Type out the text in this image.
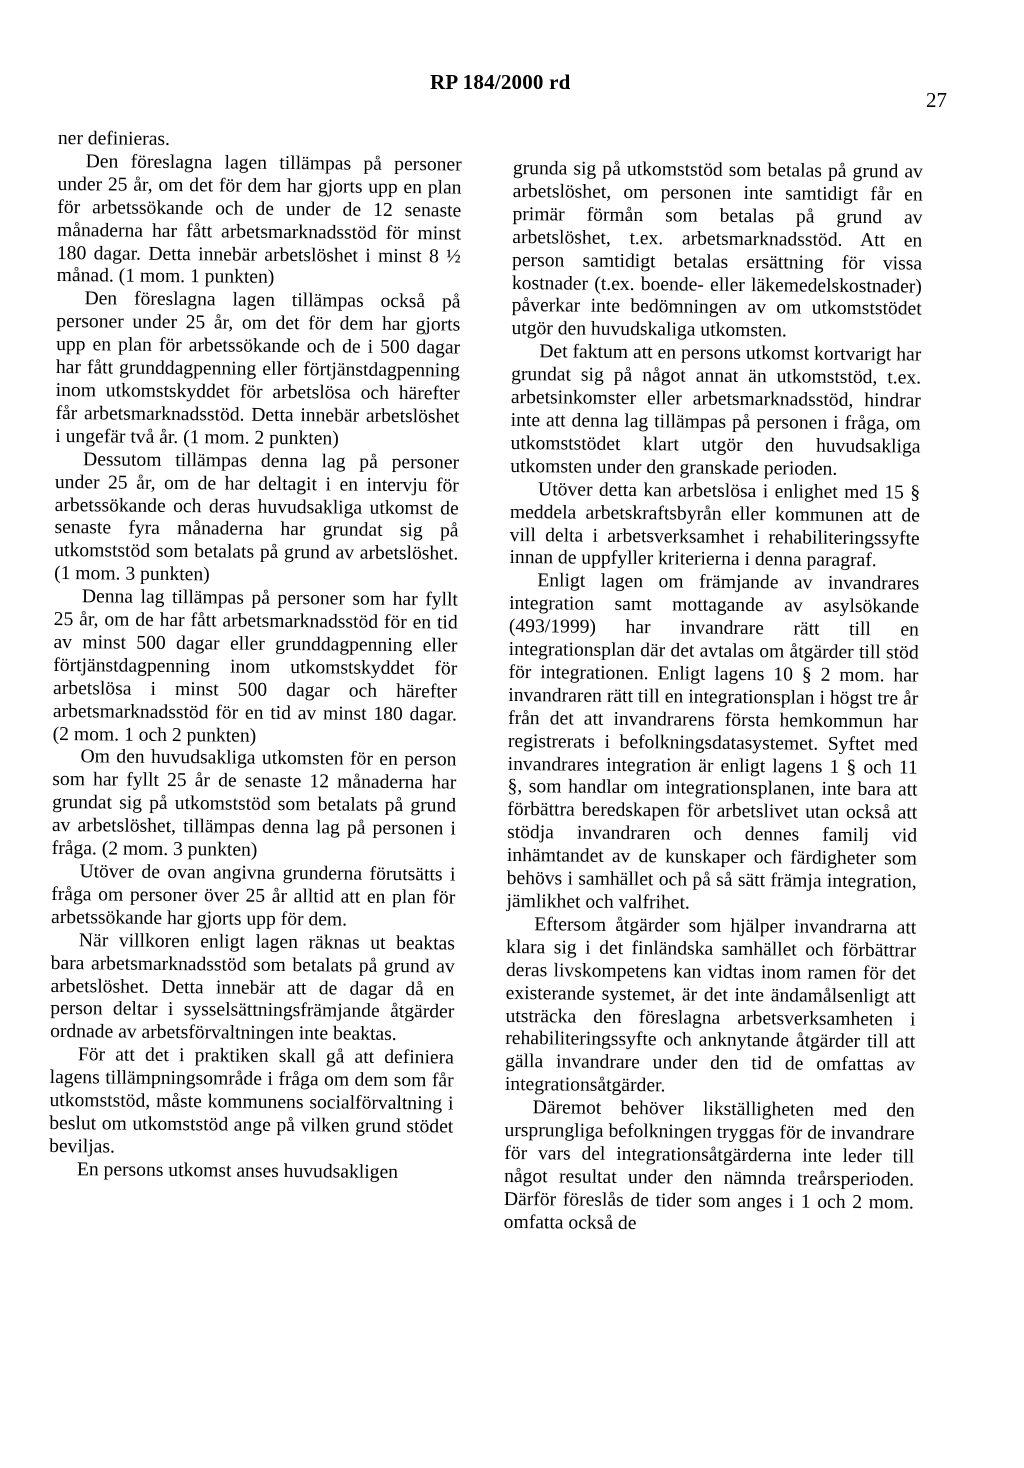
RP 184/2000 rd
27

ner definieras.

Den föreslagna lagen tillämpas på personer under 25 år, om det för dem har gjorts upp en plan för arbetssökande och de under de 12 senaste månaderna har fått arbetsmarknadsstöd för minst 180 dagar. Detta innebär arbetslöshet i minst 8 ½ månad. (1 mom. 1 punkten)

Den föreslagna lagen tillämpas också på personer under 25 år, om det för dem har gjorts upp en plan för arbetssökande och de i 500 dagar har fått grunddagpenning eller förtjänstdagpenning inom utkomstskyddet för arbetslösa och härefter får arbetsmarknadsstöd. Detta innebär arbetslöshet i ungefär två år. (1 mom. 2 punkten)

Dessutom tillämpas denna lag på personer under 25 år, om de har deltagit i en intervju för arbetssökande och deras huvudsakliga utkomst de senaste fyra månaderna har grundat sig på utkomststöd som betalats på grund av arbetslöshet. (1 mom. 3 punkten)

Denna lag tillämpas på personer som har fyllt 25 år, om de har fått arbetsmarknadsstöd för en tid av minst 500 dagar eller grunddagpenning eller förtjänstdagpenning inom utkomstskyddet för arbetslösa i minst 500 dagar och härefter arbetsmarknadsstöd för en tid av minst 180 dagar. (2 mom. 1 och 2 punkten)

Om den huvudsakliga utkomsten för en person som har fyllt 25 år de senaste 12 månaderna har grundat sig på utkomststöd som betalats på grund av arbetslöshet, tillämpas denna lag på personen i fråga. (2 mom. 3 punkten)

Utöver de ovan angivna grunderna förutsätts i fråga om personer över 25 år alltid att en plan för arbetssökande har gjorts upp för dem.

När villkoren enligt lagen räknas ut beaktas bara arbetsmarknadsstöd som betalats på grund av arbetslöshet. Detta innebär att de dagar då en person deltar i sysselsättningsfrämjande åtgärder ordnade av arbetsförvaltningen inte beaktas.

För att det i praktiken skall gå att definiera lagens tillämpningsområde i fråga om dem som får utkomststöd, måste kommunens socialförvaltning i beslut om utkomststöd ange på vilken grund stödet beviljas.

En persons utkomst anses huvudsakligen

grunda sig på utkomststöd som betalas på grund av arbetslöshet, om personen inte samtidigt får en primär förmån som betalas på grund av arbetslöshet, t.ex. arbetsmarknadsstöd. Att en person samtidigt betalas ersättning för vissa kostnader (t.ex. boende- eller läkemedelskostnader) påverkar inte bedömningen av om utkomststödet utgör den huvudskaliga utkomsten.

Det faktum att en persons utkomst kortvarigt har grundat sig på något annat än utkomststöd, t.ex. arbetsinkomster eller arbetsmarknadsstöd, hindrar inte att denna lag tillämpas på personen i fråga, om utkomststödet klart utgör den huvudsakliga utkomsten under den granskade perioden.

Utöver detta kan arbetslösa i enlighet med 15 § meddela arbetskraftsbyrån eller kommunen att de vill delta i arbetsverksamhet i rehabiliteringssyfte innan de uppfyller kriterierna i denna paragraf.

Enligt lagen om främjande av invandrares integration samt mottagande av asylsökande (493/1999) har invandrare rätt till en integrationsplan där det avtalas om åtgärder till stöd för integrationen. Enligt lagens 10 § 2 mom. har invandraren rätt till en integrationsplan i högst tre år från det att invandrarens första hemkommun har registrerats i befolkningsdatasystemet. Syftet med invandrares integration är enligt lagens 1 § och 11 §, som handlar om integrationsplanen, inte bara att förbättra beredskapen för arbetslivet utan också att stödja invandraren och dennes familj vid inhämtandet av de kunskaper och färdigheter som behövs i samhället och på så sätt främja integration, jämlikhet och valfrihet.

Eftersom åtgärder som hjälper invandrarna att klara sig i det finländska samhället och förbättrar deras livskompetens kan vidtas inom ramen för det existerande systemet, är det inte ändamålsenligt att utsträcka den föreslagna arbetsverksamheten i rehabiliteringssyfte och anknytande åtgärder till att gälla invandrare under den tid de omfattas av integrationsåtgärder.

Däremot behöver likställigheten med den ursprungliga befolkningen tryggas för de invandrare för vars del integrationsåtgärderna inte leder till något resultat under den nämnda treårsperioden. Därför föreslås de tider som anges i 1 och 2 mom. omfatta också de
